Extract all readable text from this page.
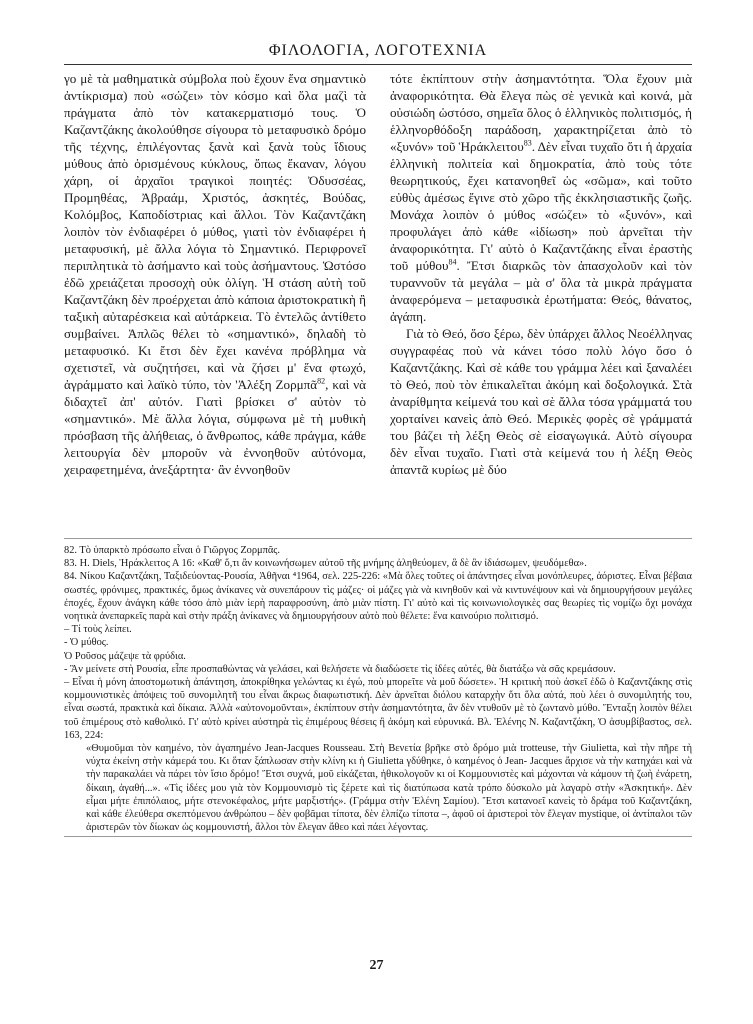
ΦΙΛΟΛΟΓΙΑ, ΛΟΓΟΤΕΧΝΙΑ

γο μὲ τὰ μαθηματικὰ σύμβολα ποὺ ἔχουν ἕνα σημαντικὸ ἀντίκρισμα) ποὺ «σώζει» τὸν κόσμο καὶ ὅλα μαζὶ τὰ πράγματα ἀπὸ τὸν κατακερματισμό τους. Ὁ Καζαντζάκης ἀκολούθησε σίγουρα τὸ μεταφυσικὸ δρόμο τῆς τέχνης, ἐπιλέγοντας ξανὰ καὶ ξανὰ τοὺς ἴδιους μύθους ἀπὸ ὁρισμένους κύκλους, ὅπως ἔκαναν, λόγου χάρη, οἱ ἀρχαῖοι τραγικοὶ ποιητές: Ὀδυσσέας, Προμηθέας, Ἀβραάμ, Χριστός, ἀσκητές, Βούδας, Κολόμβος, Καποδίστριας καὶ ἄλλοι. Τὸν Καζαντζάκη λοιπὸν τὸν ἐνδιαφέρει ὁ μύθος, γιατὶ τὸν ἐνδιαφέρει ἡ μεταφυσική, μὲ ἄλλα λόγια τὸ Σημαντικό. Περιφρονεῖ περιπλητικὰ τὸ ἀσήμαντο καὶ τοὺς ἀσήμαντους. Ὡστόσο ἐδῶ χρειάζεται προσοχὴ οὐκ ὀλίγη. Ἡ στάση αὐτὴ τοῦ Καζαντζάκη δὲν προέρχεται ἀπὸ κάποια ἀριστοκρατικὴ ἢ ταξικὴ αὐταρέσκεια καὶ αὐτάρκεια. Τὸ ἐντελῶς ἀντίθετο συμβαίνει. Ἁπλῶς θέλει τὸ «σημαντικό», δηλαδὴ τὸ μεταφυσικό. Κι ἔτσι δὲν ἔχει κανένα πρόβλημα νὰ σχετιστεῖ, νὰ συζητήσει, καὶ νὰ ζήσει μ' ἕνα φτωχό, ἀγράμματο καὶ λαϊκὸ τύπο, τὸν 'Ἀλέξη Ζορμπᾶ$^{82}$, καὶ νὰ διδαχτεῖ ἀπ' αὐτόν. Γιατὶ βρίσκει σ' αὐτὸν τὸ «σημαντικό». Μὲ ἄλλα λόγια, σύμφωνα μὲ τὴ μυθικὴ πρόσβαση τῆς ἀλήθειας, ὁ ἄνθρωπος, κάθε πράγμα, κάθε λειτουργία δὲν μποροῦν νὰ ἐννοηθοῦν αὐτόνομα, χειραφετημένα, ἀνεξάρτητα· ἂν ἐννοηθοῦν

τότε ἐκπίπτουν στὴν ἀσημαντότητα. Ὅλα ἔχουν μιὰ ἀναφορικότητα. Θὰ ἔλεγα πὼς σὲ γενικὰ καὶ κοινά, μὰ οὐσιώδη ὡστόσο, σημεῖα ὅλος ὁ ἑλληνικὸς πολιτισμός, ἡ ἑλληνορθόδοξη παράδοση, χαρακτηρίζεται ἀπὸ τὸ «ξυνόν» τοῦ Ἡράκλειτου$^{83}$. Δὲν εἶναι τυχαῖο ὅτι ἡ ἀρχαία ἑλληνικὴ πολιτεία καὶ δημοκρατία, ἀπὸ τοὺς τότε θεωρητικούς, ἔχει κατανοηθεῖ ὡς «σῶμα», καὶ τοῦτο εὐθὺς ἀμέσως ἔγινε στὸ χῶρο τῆς ἐκκλησιαστικῆς ζωῆς. Μονάχα λοιπὸν ὁ μύθος «σώζει» τὸ «ξυνόν», καὶ προφυλάγει ἀπὸ κάθε «ἰδίωση» ποὺ ἀρνεῖται τὴν ἀναφορικότητα. Γι' αὐτὸ ὁ Καζαντζάκης εἶναι ἐραστὴς τοῦ μύθου$^{84}$. Ἔτσι διαρκῶς τὸν ἀπασχολοῦν καὶ τὸν τυραννοῦν τὰ μεγάλα – μὰ σ' ὅλα τὰ μικρὰ πράγματα ἀναφερόμενα – μεταφυσικὰ ἐρωτήματα: Θεός, θάνατος, ἀγάπη.

Γιὰ τὸ Θεό, ὅσο ξέρω, δὲν ὑπάρχει ἄλλος Νεοέλληνας συγγραφέας ποὺ νὰ κάνει τόσο πολὺ λόγο ὅσο ὁ Καζαντζάκης. Καὶ σὲ κάθε του γράμμα λέει καὶ ξαναλέει τὸ Θεό, ποὺ τὸν ἐπικαλεῖται ἀκόμη καὶ δοξολογικά. Στὰ ἀναρίθμητα κείμενά του καὶ σὲ ἄλλα τόσα γράμματά του χορταίνει κανεὶς ἀπὸ Θεό. Μερικὲς φορὲς σὲ γράμματά του βάζει τὴ λέξη Θεὸς σὲ εἰσαγωγικά. Αὐτὸ σίγουρα δὲν εἶναι τυχαῖο. Γιατὶ στὰ κείμενά του ἡ λέξη Θεὸς ἀπαντᾶ κυρίως μὲ δύο

82. Τὸ ὑπαρκτὸ πρόσωπο εἶναι ὁ Γιῶργος Ζορμπᾶς.

83. H. Diels, Ἡράκλειτος Α 16: «Καθ' ὅ,τι ἂν κοινωνήσωμεν αὐτοῦ τῆς μνήμης ἀληθεύομεν, ἃ δὲ ἂν ἰδιάσωμεν, ψευδόμεθα».

84. Νίκου Καζαντζάκη, Ταξιδεύοντας-Ρουσία, Ἀθῆναι ⁴1964, σελ. 225-226: «Μὰ ὅλες τοῦτες οἱ ἀπάντησες εἶναι μονόπλευρες, ἀόριστες. Εἶναι βέβαια σωστές, φρόνιμες, πρακτικές, ὅμως ἀνίκανες νὰ συνεπάρουν τὶς μάζες· οἱ μάζες γιὰ νὰ κινηθοῦν καὶ νὰ κιντυνέψουν καὶ νὰ δημιουργήσουν μεγάλες ἐποχές, ἔχουν ἀνάγκη κάθε τόσο ἀπὸ μιὰν ἱερὴ παραφροσύνη, ἀπὸ μιὰν πίστη. Γι' αὐτὸ καὶ τὶς κοινωνιολογικὲς σας θεωρίες τὶς νομίζω ὅχι μονάχα νοητικὰ ἀνεπαρκεῖς παρὰ καὶ στὴν πράξη ἀνίκανες νὰ δημιουργήσουν αὐτὸ ποὺ θέλετε: ἕνα καινούριο πολιτισμό.

– Τί τοὺς λείπει.

- Ὁ μύθος.

Ὁ Ροῦσος μάζεψε τὰ φρύδια.

- Ἂν μείνετε στὴ Ρουσία, εἶπε προσπαθώντας νὰ γελάσει, καὶ θελήσετε νὰ διαδώσετε τὶς ἰδέες αὐτές, θὰ διατάξω νὰ σᾶς κρεμάσουν.

– Εἶναι ἡ μόνη ἀποστομωτικὴ ἀπάντηση, ἀποκρίθηκα γελώντας κι ἐγώ, ποὺ μπορεῖτε νὰ μοῦ δώσετε». Ἡ κριτικὴ ποὺ ἀσκεῖ ἐδῶ ὁ Καζαντζάκης στὶς κομμουνιστικὲς ἀπόψεις τοῦ συνομιλητῆ του εἶναι ἄκρως διαφωτιστική. Δὲν ἀρνεῖται διόλου καταρχὴν ὅτι ὅλα αὐτά, ποὺ λέει ὁ συνομιλητής του, εἶναι σωστά, πρακτικὰ καὶ δίκαια. Ἀλλὰ «αὐτονομοῦνται», ἐκπίπτουν στὴν ἀσημαντότητα, ἂν δὲν ντυθοῦν μὲ τὸ ζωντανὸ μύθο. Ἔνταξη λοιπὸν θέλει τοῦ ἐπιμέρους στὸ καθολικό. Γι' αὐτὸ κρίνει αὐστηρὰ τὶς ἐπιμέρους θέσεις ἢ ἀκόμη καὶ εὐρυνικά. Βλ. Ἑλένης Ν. Καζαντζάκη, Ὁ ἀσυμβίβαστος, σελ. 163, 224:

«Θυμοῦμαι τὸν καημένο, τὸν ἀγαπημένο Jean-Jacques Rousseau. Στὴ Βενετία βρῆκε στὸ δρόμο μιὰ trotteuse, τὴν Giulietta, καὶ τὴν πῆρε τὴ νύχτα ἐκείνη στὴν κάμερά του. Κι ὅταν ξάπλωσαν στὴν κλίνη κι ἡ Giulietta γδύθηκε, ὁ καημένος ὁ Jean- Jacques ἄρχισε νὰ τὴν κατηχάει καὶ νὰ τὴν παρακαλάει νὰ πάρει τὸν ἴσιο δρόμο! Ἔτσι συχνά, μοῦ εἰκάζεται, ἠθικολογοῦν κι οἱ Κομμουνιστὲς καὶ μάχονται νὰ κάμουν τὴ ζωὴ ἐνάρετη, δίκαιη, ἀγαθή...». «Τὶς ἰδέες μου γιὰ τὸν Κομμουνισμὸ τὶς ξέρετε καὶ τὶς διατύπωσα κατὰ τρόπο δύσκολο μὰ λαγαρὸ στὴν «Ἀσκητική». Δὲν εἶμαι μήτε ἐπιπόλαιος, μήτε στενοκέφαλος, μήτε μαρξιστής». (Γράμμα στὴν Ἑλένη Σαμίου). Ἔτσι κατανοεῖ κανεὶς τὸ δράμα τοῦ Καζαντζάκη, καὶ κάθε ἐλεύθερα σκεπτόμενου ἀνθρώπου – δὲν φοβᾶμαι τίποτα, δὲν ἐλπίζω τίποτα –, ἀφοῦ οἱ ἀριστεροὶ τὸν ἔλεγαν mystique, οἱ ἀντίπαλοι τῶν ἀριστερῶν τὸν δίωκαν ὡς κομμουνιστή, ἄλλοι τὸν ἔλεγαν ἄθεο καὶ πάει λέγοντας.

27
